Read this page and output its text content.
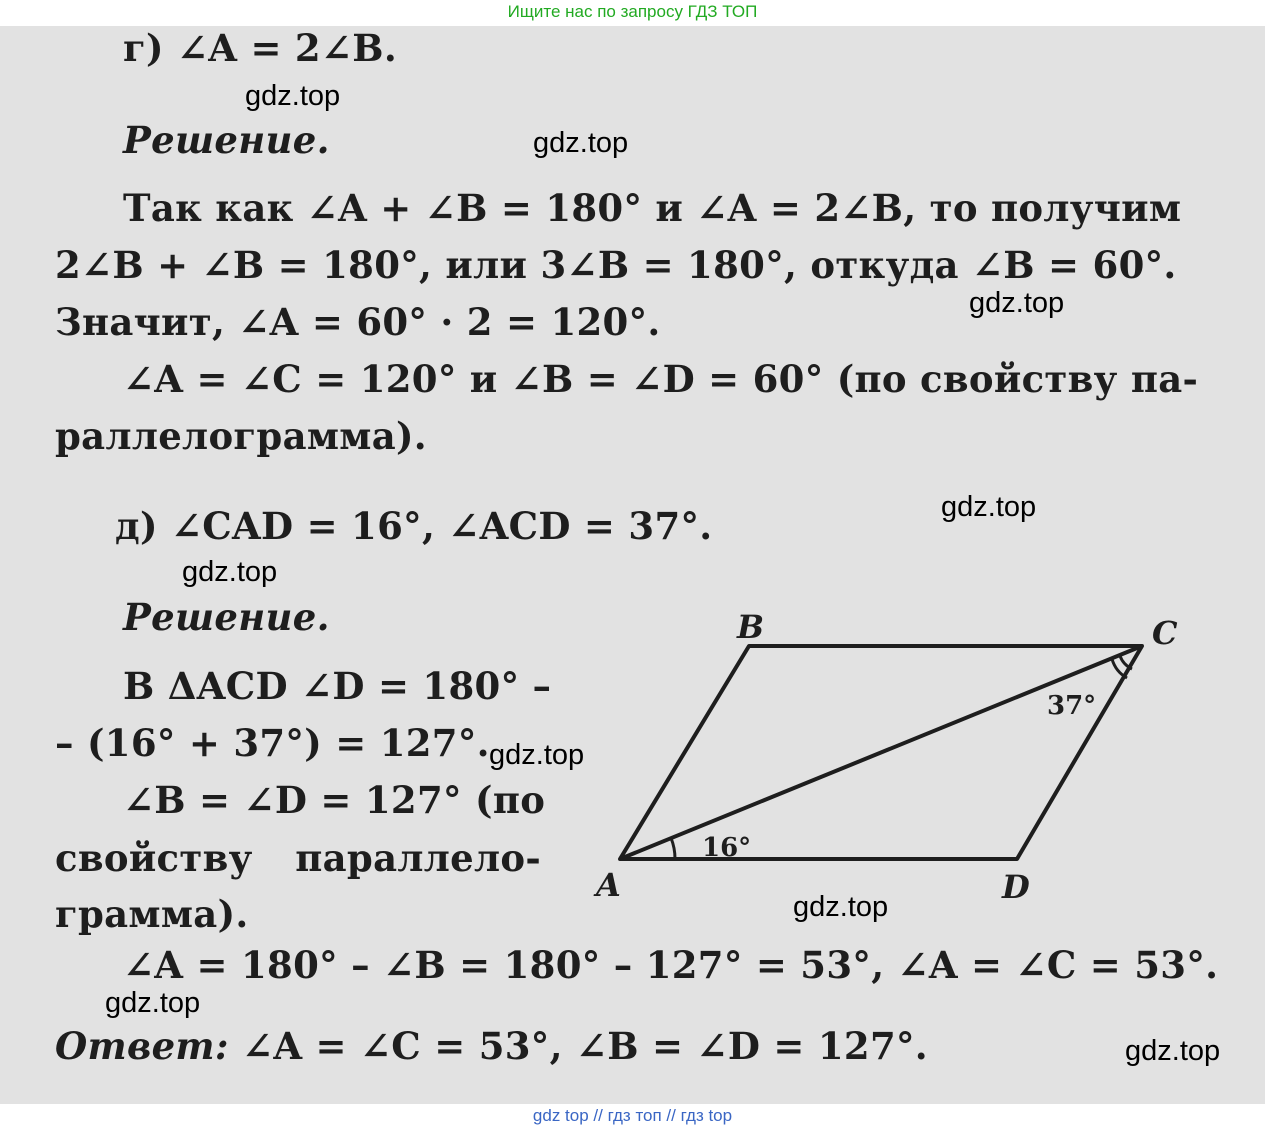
Ищите нас по запросу ГДЗ ТОП
г) ∠A = 2∠B.
Решение.
Так как ∠A + ∠B = 180° и ∠A = 2∠B, то получим
2∠B + ∠B = 180°, или 3∠B = 180°, откуда ∠B = 60°.
Значит, ∠A = 60° · 2 = 120°.
∠A = ∠C = 120° и ∠B = ∠D = 60° (по свойству па-
раллелограмма).
д) ∠CAD = 16°, ∠ACD = 37°.
Решение.
В ΔACD ∠D = 180° –
– (16° + 37°) = 127°.
∠B = ∠D = 127° (по
свойству параллело-
грамма).
∠A = 180° – ∠B = 180° – 127° = 53°, ∠A = ∠C = 53°.
Ответ: ∠A = ∠C = 53°, ∠B = ∠D = 127°.
A
B	C
D
16°
37°
gdz.top
gdz.top
gdz.top
gdz.top
gdz.top
gdz.top
gdz.top
gdz.top
gdz.top
gdz top // гдз топ // гдз top
